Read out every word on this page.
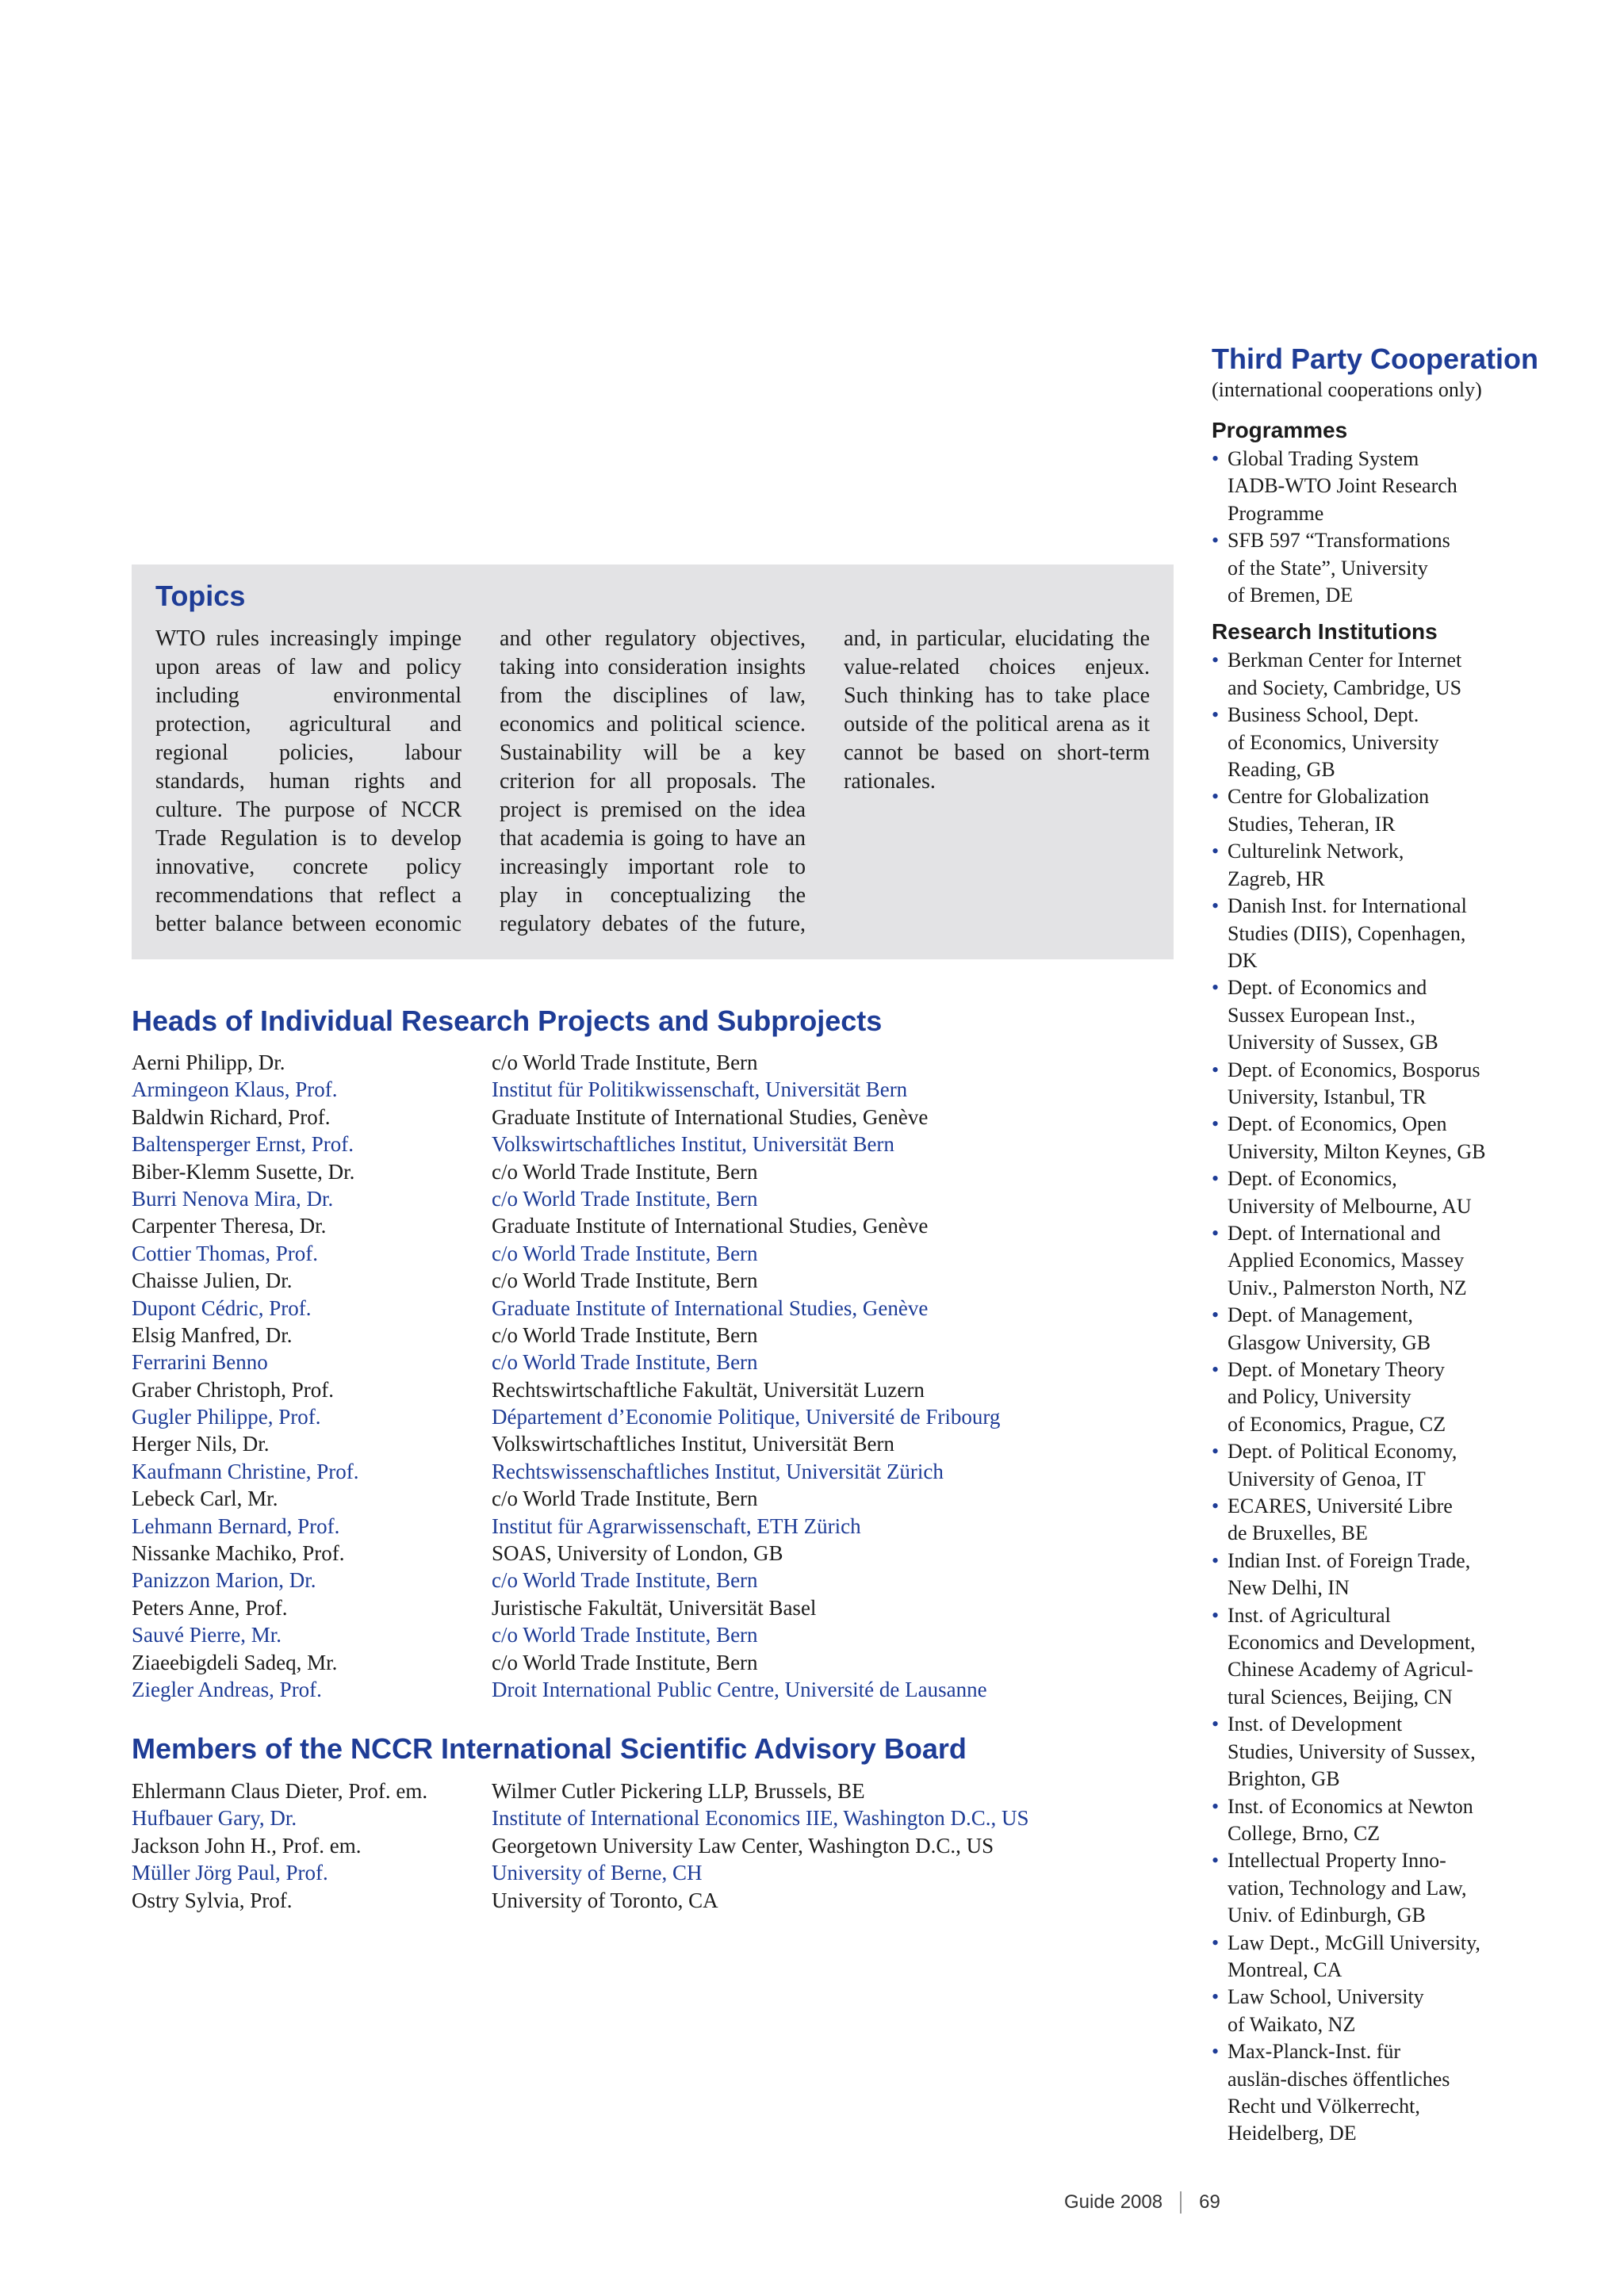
Topics

WTO rules increasingly impinge upon areas of law and policy including environmental protection, agricultural and regional policies, labour standards, human rights and culture. The purpose of NCCR Trade Regulation is to develop innovative, concrete policy recommendations that reflect a better balance between economic and other regulatory objectives, taking into consideration insights from the disciplines of law, economics and political science. Sustainability will be a key criterion for all proposals. The project is premised on the idea that academia is going to have an increasingly important role to play in conceptualizing the regulatory debates of the future, and, in particular, elucidating the value-related choices enjeux. Such thinking has to take place outside of the political arena as it cannot be based on short-term rationales.

Heads of Individual Research Projects and Subprojects
Aerni Philipp, Dr.	c/o World Trade Institute, Bern
Armingeon Klaus, Prof.	Institut für Politikwissenschaft, Universität Bern
Baldwin Richard, Prof.	Graduate Institute of International Studies, Genève
Baltensperger Ernst, Prof.	Volkswirtschaftliches Institut, Universität Bern
Biber-Klemm Susette, Dr.	c/o World Trade Institute, Bern
Burri Nenova Mira, Dr.	c/o World Trade Institute, Bern
Carpenter Theresa, Dr.	Graduate Institute of International Studies, Genève
Cottier Thomas, Prof.	c/o World Trade Institute, Bern
Chaisse Julien, Dr.	c/o World Trade Institute, Bern
Dupont Cédric, Prof.	Graduate Institute of International Studies, Genève
Elsig Manfred, Dr.	c/o World Trade Institute, Bern
Ferrarini Benno	c/o World Trade Institute, Bern
Graber Christoph, Prof.	Rechtswirtschaftliche Fakultät, Universität Luzern
Gugler Philippe, Prof.	Département d’Economie Politique, Université de Fribourg
Herger Nils, Dr.	Volkswirtschaftliches Institut, Universität Bern
Kaufmann Christine, Prof.	Rechtswissenschaftliches Institut, Universität Zürich
Lebeck Carl, Mr.	c/o World Trade Institute, Bern
Lehmann Bernard, Prof.	Institut für Agrarwissenschaft, ETH Zürich
Nissanke Machiko, Prof.	SOAS, University of London, GB
Panizzon Marion, Dr.	c/o World Trade Institute, Bern
Peters Anne, Prof.	Juristische Fakultät, Universität Basel
Sauvé Pierre, Mr.	c/o World Trade Institute, Bern
Ziaeebigdeli Sadeq, Mr.	c/o World Trade Institute, Bern
Ziegler Andreas, Prof.	Droit International Public Centre, Université de Lausanne
Members of the NCCR International Scientific Advisory Board
Ehlermann Claus Dieter, Prof. em.	Wilmer Cutler Pickering LLP, Brussels, BE
Hufbauer Gary, Dr.	Institute of International Economics IIE, Washington D.C., US
Jackson John H., Prof. em.	Georgetown University Law Center, Washington D.C., US
Müller Jörg Paul, Prof.	University of Berne, CH
Ostry Sylvia, Prof.	University of Toronto, CA
Third Party Cooperation

(international cooperations only)

Programmes
• Global Trading System
IADB-WTO Joint Research
Programme
• SFB 597 “Transformations
of the State”, University
of Bremen, DE
Research Institutions
• Berkman Center for Internet
and Society, Cambridge, US
• Business School, Dept.
of Economics, University
Reading, GB
• Centre for Globalization
Studies, Teheran, IR
• Culturelink Network,
Zagreb, HR
• Danish Inst. for International
Studies (DIIS), Copenhagen,
DK
• Dept. of Economics and
Sussex European Inst.,
University of Sussex, GB
• Dept. of Economics, Bosporus
University, Istanbul, TR
• Dept. of Economics, Open
University, Milton Keynes, GB
• Dept. of Economics,
University of Melbourne, AU
• Dept. of International and
Applied Economics, Massey
Univ., Palmerston North, NZ
• Dept. of Management,
Glasgow University, GB
• Dept. of Monetary Theory
and Policy, University
of Economics, Prague, CZ
• Dept. of Political Economy,
University of Genoa, IT
• ECARES, Université Libre
de Bruxelles, BE
• Indian Inst. of Foreign Trade,
New Delhi, IN
• Inst. of Agricultural
Economics and Development,
Chinese Academy of Agricul-
tural Sciences, Beijing, CN
• Inst. of Development
Studies, University of Sussex,
Brighton, GB
• Inst. of Economics at Newton
College, Brno, CZ
• Intellectual Property Inno-
vation, Technology and Law,
Univ. of Edinburgh, GB
• Law Dept., McGill University,
Montreal, CA
• Law School, University
of Waikato, NZ
• Max-Planck-Inst. für
auslän-disches öffentliches
Recht und Völkerrecht,
Heidelberg, DE
Guide 2008 69
